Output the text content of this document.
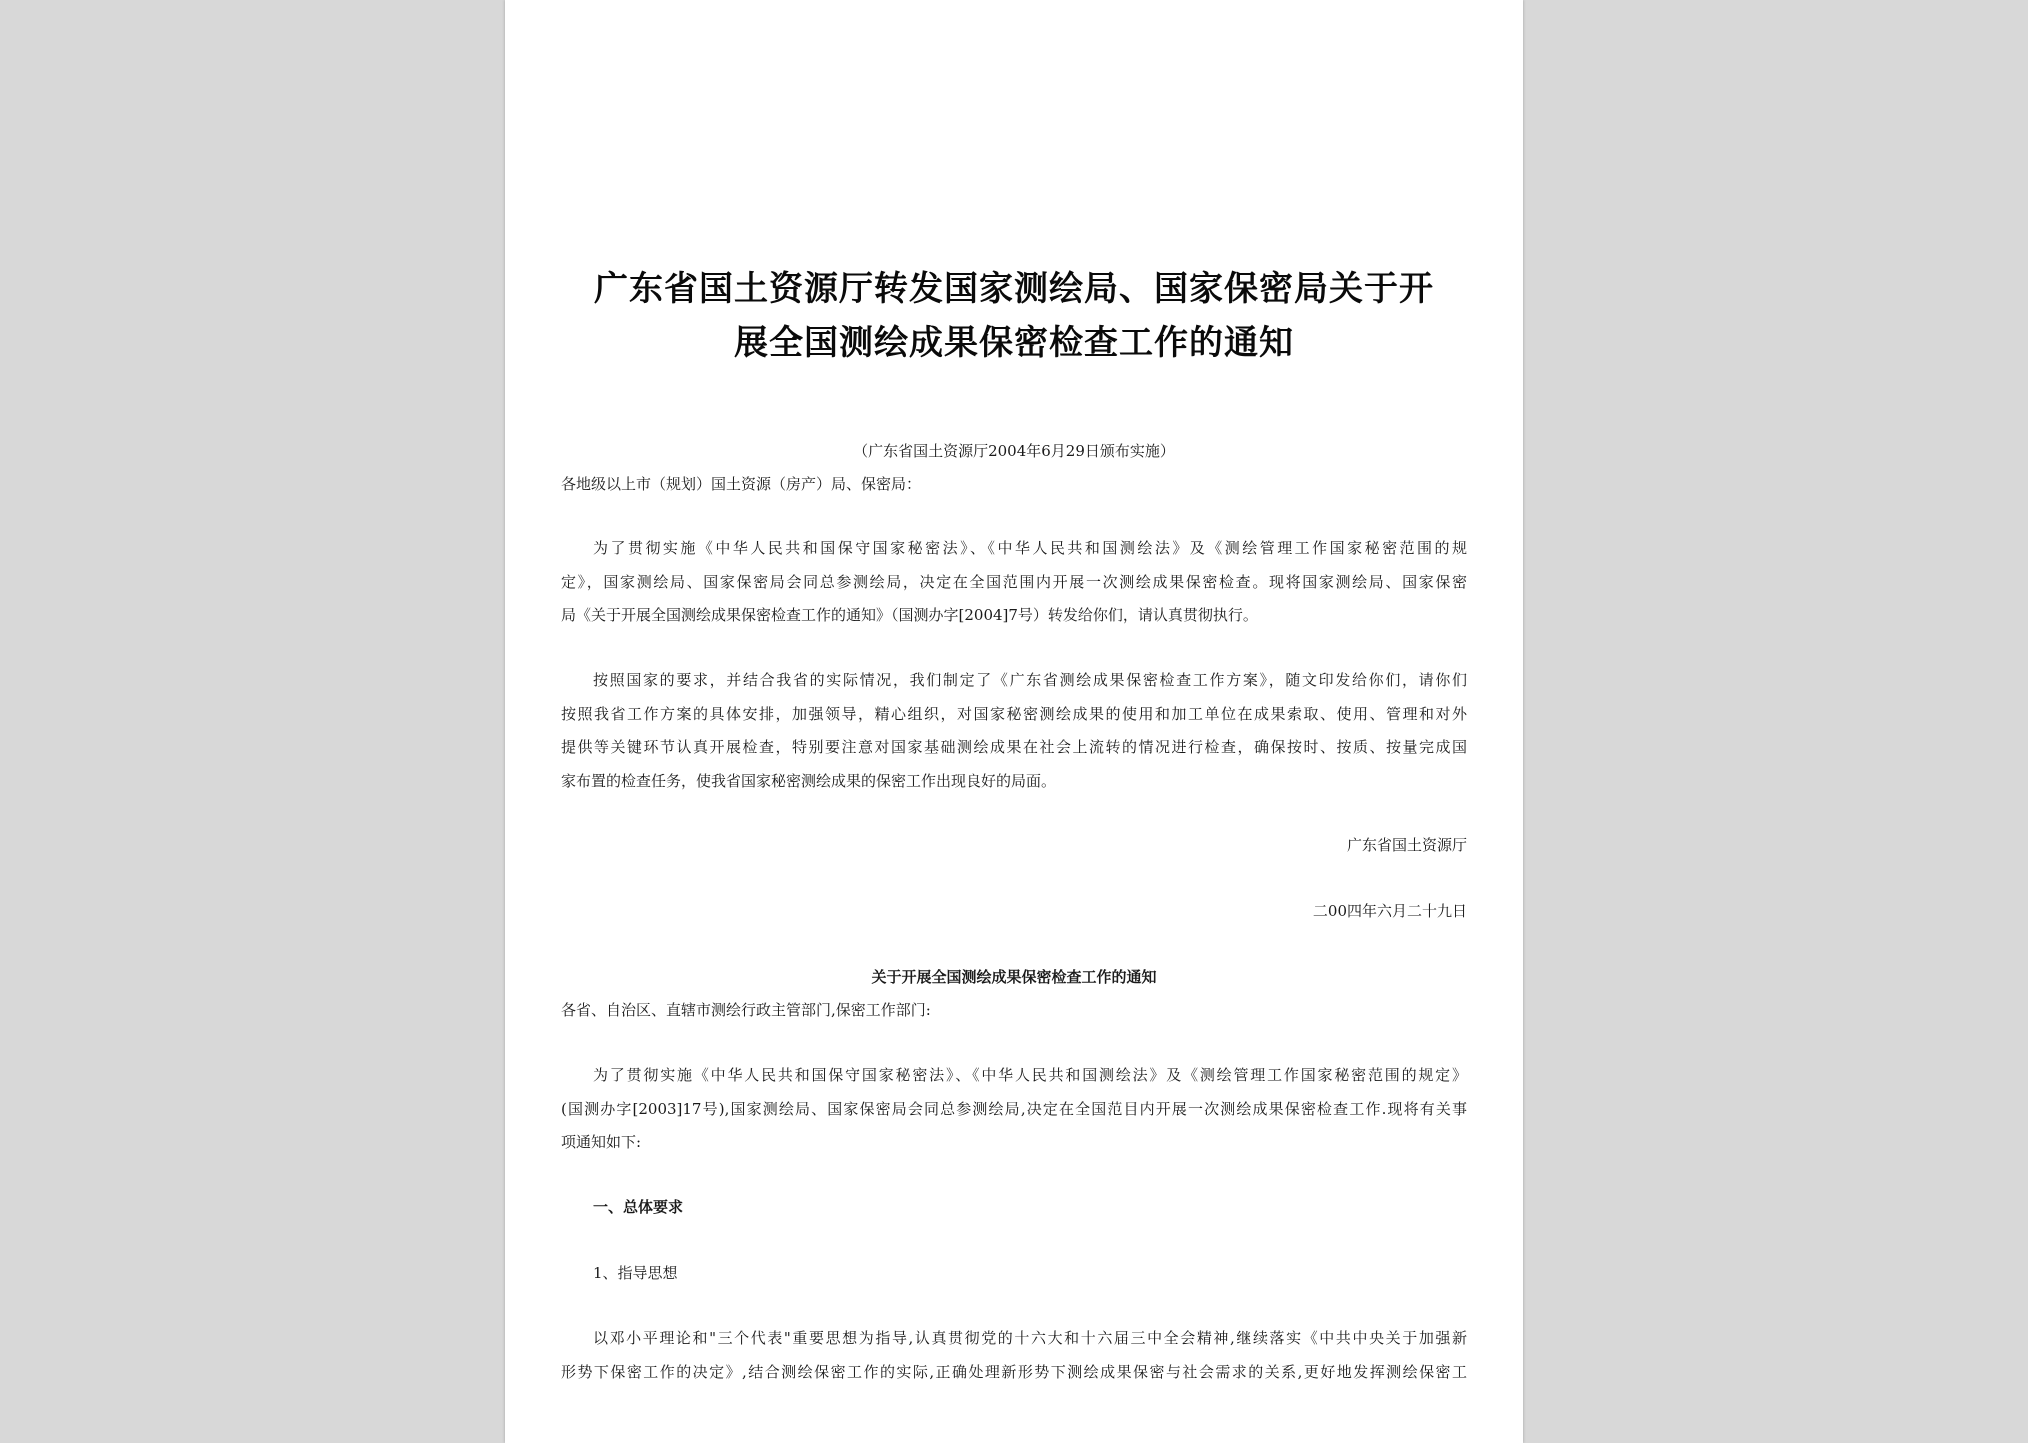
广东省国土资源厅转发国家测绘局、国家保密局关于开
展全国测绘成果保密检查工作的通知
（广东省国土资源厅2004年6月29日颁布实施）
各地级以上市（规划）国土资源（房产）局、保密局：
为了贯彻实施《中华人民共和国保守国家秘密法》、《中华人民共和国测绘法》及《测绘管理工作国家秘密范围的规
定》，国家测绘局、国家保密局会同总参测绘局，决定在全国范围内开展一次测绘成果保密检查。现将国家测绘局、国家保密
局《关于开展全国测绘成果保密检查工作的通知》（国测办字[2004]7号）转发给你们，请认真贯彻执行。
按照国家的要求，并结合我省的实际情况，我们制定了《广东省测绘成果保密检查工作方案》，随文印发给你们，请你们
按照我省工作方案的具体安排，加强领导，精心组织，对国家秘密测绘成果的使用和加工单位在成果索取、使用、管理和对外
提供等关键环节认真开展检查，特别要注意对国家基础测绘成果在社会上流转的情况进行检查，确保按时、按质、按量完成国
家布置的检查任务，使我省国家秘密测绘成果的保密工作出现良好的局面。
广东省国土资源厅
二00四年六月二十九日
关于开展全国测绘成果保密检查工作的通知
各省、自治区、直辖市测绘行政主管部门,保密工作部门:
为了贯彻实施《中华人民共和国保守国家秘密法》、《中华人民共和国测绘法》及《测绘管理工作国家秘密范围的规定》
(国测办字[2003]17号),国家测绘局、国家保密局会同总参测绘局,决定在全国范目内开展一次测绘成果保密检查工作.现将有关事
项通知如下:
一、总体要求
1、指导思想
以邓小平理论和"三个代表"重要思想为指导,认真贯彻党的十六大和十六届三中全会精神,继续落实《中共中央关于加强新
形势下保密工作的决定》,结合测绘保密工作的实际,正确处理新形势下测绘成果保密与社会需求的关系,更好地发挥测绘保密工
